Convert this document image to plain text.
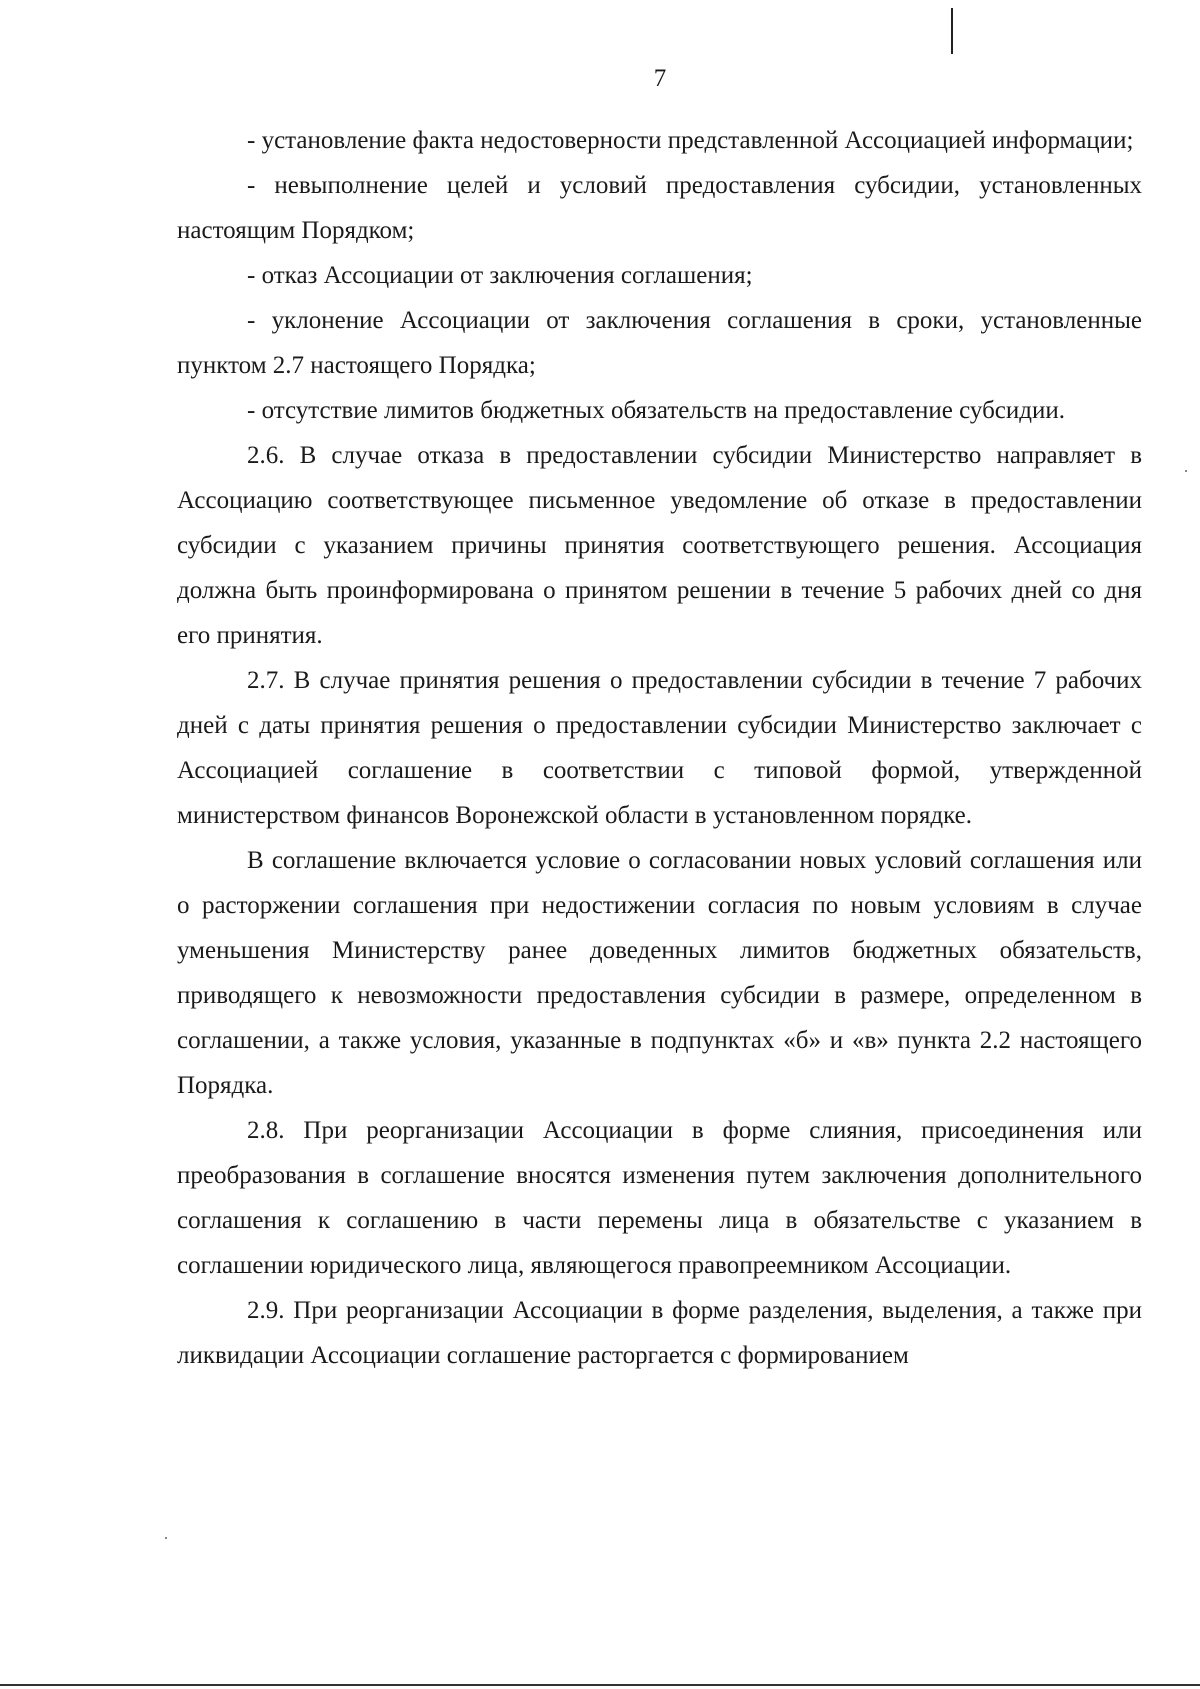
7

- установление факта недостоверности представленной Ассоциацией информации;

- невыполнение целей и условий предоставления субсидии, установленных настоящим Порядком;

- отказ Ассоциации от заключения соглашения;

- уклонение Ассоциации от заключения соглашения в сроки, установленные пунктом 2.7 настоящего Порядка;

- отсутствие лимитов бюджетных обязательств на предоставление субсидии.

2.6. В случае отказа в предоставлении субсидии Министерство направляет в Ассоциацию соответствующее письменное уведомление об отказе в предоставлении субсидии с указанием причины принятия соответствующего решения. Ассоциация должна быть проинформирована о принятом решении в течение 5 рабочих дней со дня его принятия.

2.7. В случае принятия решения о предоставлении субсидии в течение 7 рабочих дней с даты принятия решения о предоставлении субсидии Министерство заключает с Ассоциацией соглашение в соответствии с типовой формой, утвержденной министерством финансов Воронежской области в установленном порядке.

В соглашение включается условие о согласовании новых условий соглашения или о расторжении соглашения при недостижении согласия по новым условиям в случае уменьшения Министерству ранее доведенных лимитов бюджетных обязательств, приводящего к невозможности предоставления субсидии в размере, определенном в соглашении, а также условия, указанные в подпунктах «б» и «в» пункта 2.2 настоящего Порядка.

2.8. При реорганизации Ассоциации в форме слияния, присоединения или преобразования в соглашение вносятся изменения путем заключения дополнительного соглашения к соглашению в части перемены лица в обязательстве с указанием в соглашении юридического лица, являющегося правопреемником Ассоциации.

2.9. При реорганизации Ассоциации в форме разделения, выделения, а также при ликвидации Ассоциации соглашение расторгается с формированием
